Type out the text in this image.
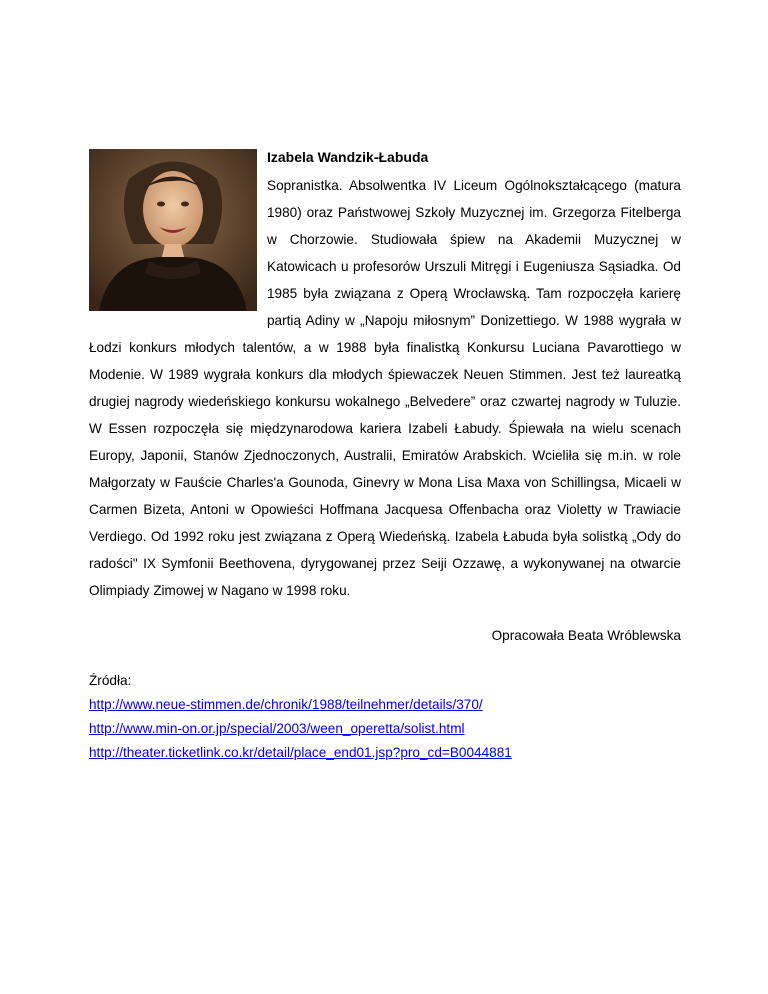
Izabela Wandzik-Łabuda

Sopranistka. Absolwentka IV Liceum Ogólnokształcącego (matura 1980) oraz Państwowej Szkoły Muzycznej im. Grzegorza Fitelberga w Chorzowie. Studiowała śpiew na Akademii Muzycznej w Katowicach u profesorów Urszuli Mitręgi i Eugeniusza Sąsiadka. Od 1985 była związana z Operą Wrocławską. Tam rozpoczęła karierę partią Adiny w „Napoju miłosnym” Donizettiego. W 1988 wygrała w Łodzi konkurs młodych talentów, a w 1988 była finalistką Konkursu Luciana Pavarottiego w Modenie. W 1989 wygrała konkurs dla młodych śpiewaczek Neuen Stimmen. Jest też laureatką drugiej nagrody wiedeńskiego konkursu wokalnego „Belvedere” oraz czwartej nagrody w Tuluzie. W Essen rozpoczęła się międzynarodowa kariera Izabeli Łabudy. Śpiewała na wielu scenach Europy, Japonii, Stanów Zjednoczonych, Australii, Emiratów Arabskich. Wcieliła się m.in. w role Małgorzaty w Fauście Charles'a Gounoda, Ginevry w Mona Lisa Maxa von Schillingsa, Micaeli w Carmen Bizeta, Antoni w Opowieści Hoffmana Jacquesa Offenbacha oraz Violetty w Trawiacie Verdiego. Od 1992 roku jest związana z Operą Wiedeńską. Izabela Łabuda była solistką „Ody do radości" IX Symfonii Beethovena, dyrygowanej przez Seiji Ozzawę, a wykonywanej na otwarcie Olimpiady Zimowej w Nagano w 1998 roku.

Opracowała Beata Wróblewska
Źródła:
http://www.neue-stimmen.de/chronik/1988/teilnehmer/details/370/
http://www.min-on.or.jp/special/2003/ween_operetta/solist.html
http://theater.ticketlink.co.kr/detail/place_end01.jsp?pro_cd=B0044881
